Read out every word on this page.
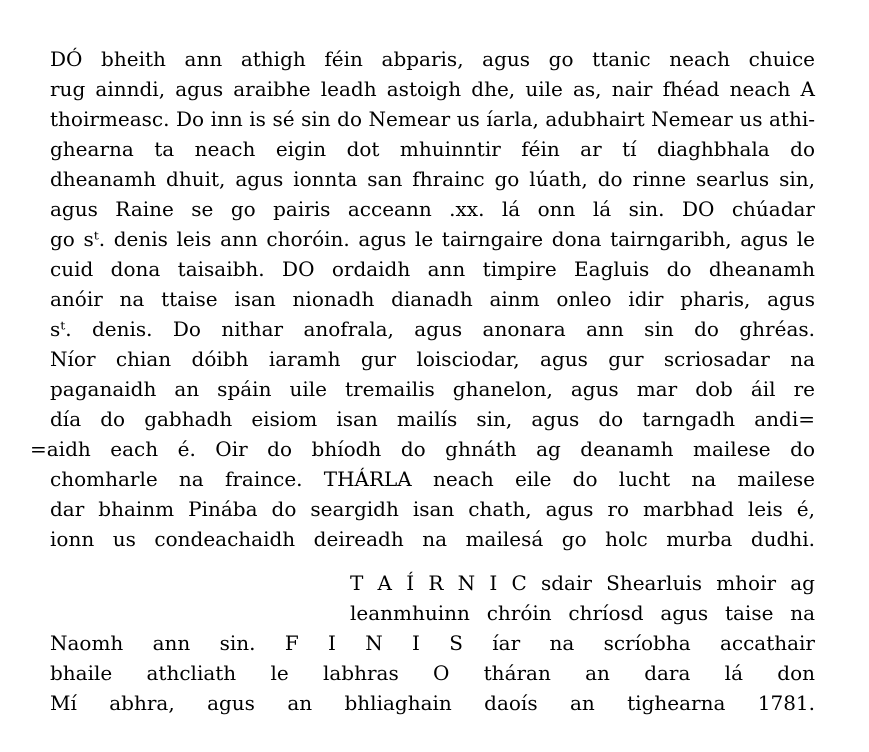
DÓ bheith ann athigh féin abparis, agus go ttanic neach chuice
rug ainndi, agus araibhe leadh astoigh dhe, uile as, nair fhéad neach A
thoirmeasc. Do inn is sé sin do Nemear us íarla, adubhairt Nemear us athi-
ghearna ta neach eigin dot mhuinntir féin ar tí diaghbhala do
dheanamh dhuit, agus ionnta san fhrainc go lúath, do rinne searlus sin,
agus Raine se go pairis acceann .xx. lá onn lá sin. DO chúadar
go sᵗ. denis leis ann choróin. agus le tairngaire dona tairngaribh, agus le
cuid dona taisaibh. DO ordaidh ann timpire Eagluis do dheanamh
anóir na ttaise isan nionadh dianadh ainm onleo idir pharis, agus
sᵗ. denis. Do nithar anofrala, agus anonara ann sin do ghréas.
Níor chian dóibh iaramh gur loisciodar, agus gur scriosadar na
paganaidh an spáin uile tremailis ghanelon, agus mar dob áil re
día do gabhadh eisiom isan mailís sin, agus do tarngadh andi=
=aidh each é. Oir do bhíodh do ghnáth ag deanamh mailese do
chomharle na fraince. THÁRLA neach eile do lucht na mailese
dar bhainm Pinába do seargidh isan chath, agus ro marbhad leis é,
ionn us condeachaidh deireadh na mailesá go holc murba dudhi.
T A Í R N I C sdair Shearluis mhoir ag
leanmhuinn chróin chríosd agus taise na
Naomh ann sin. F I N I S íar na scríobha accathair
bhaile athcliath le labhras O tháran an dara lá don
Mí abhra, agus an bhliaghain daoís an tighearna 1781.
